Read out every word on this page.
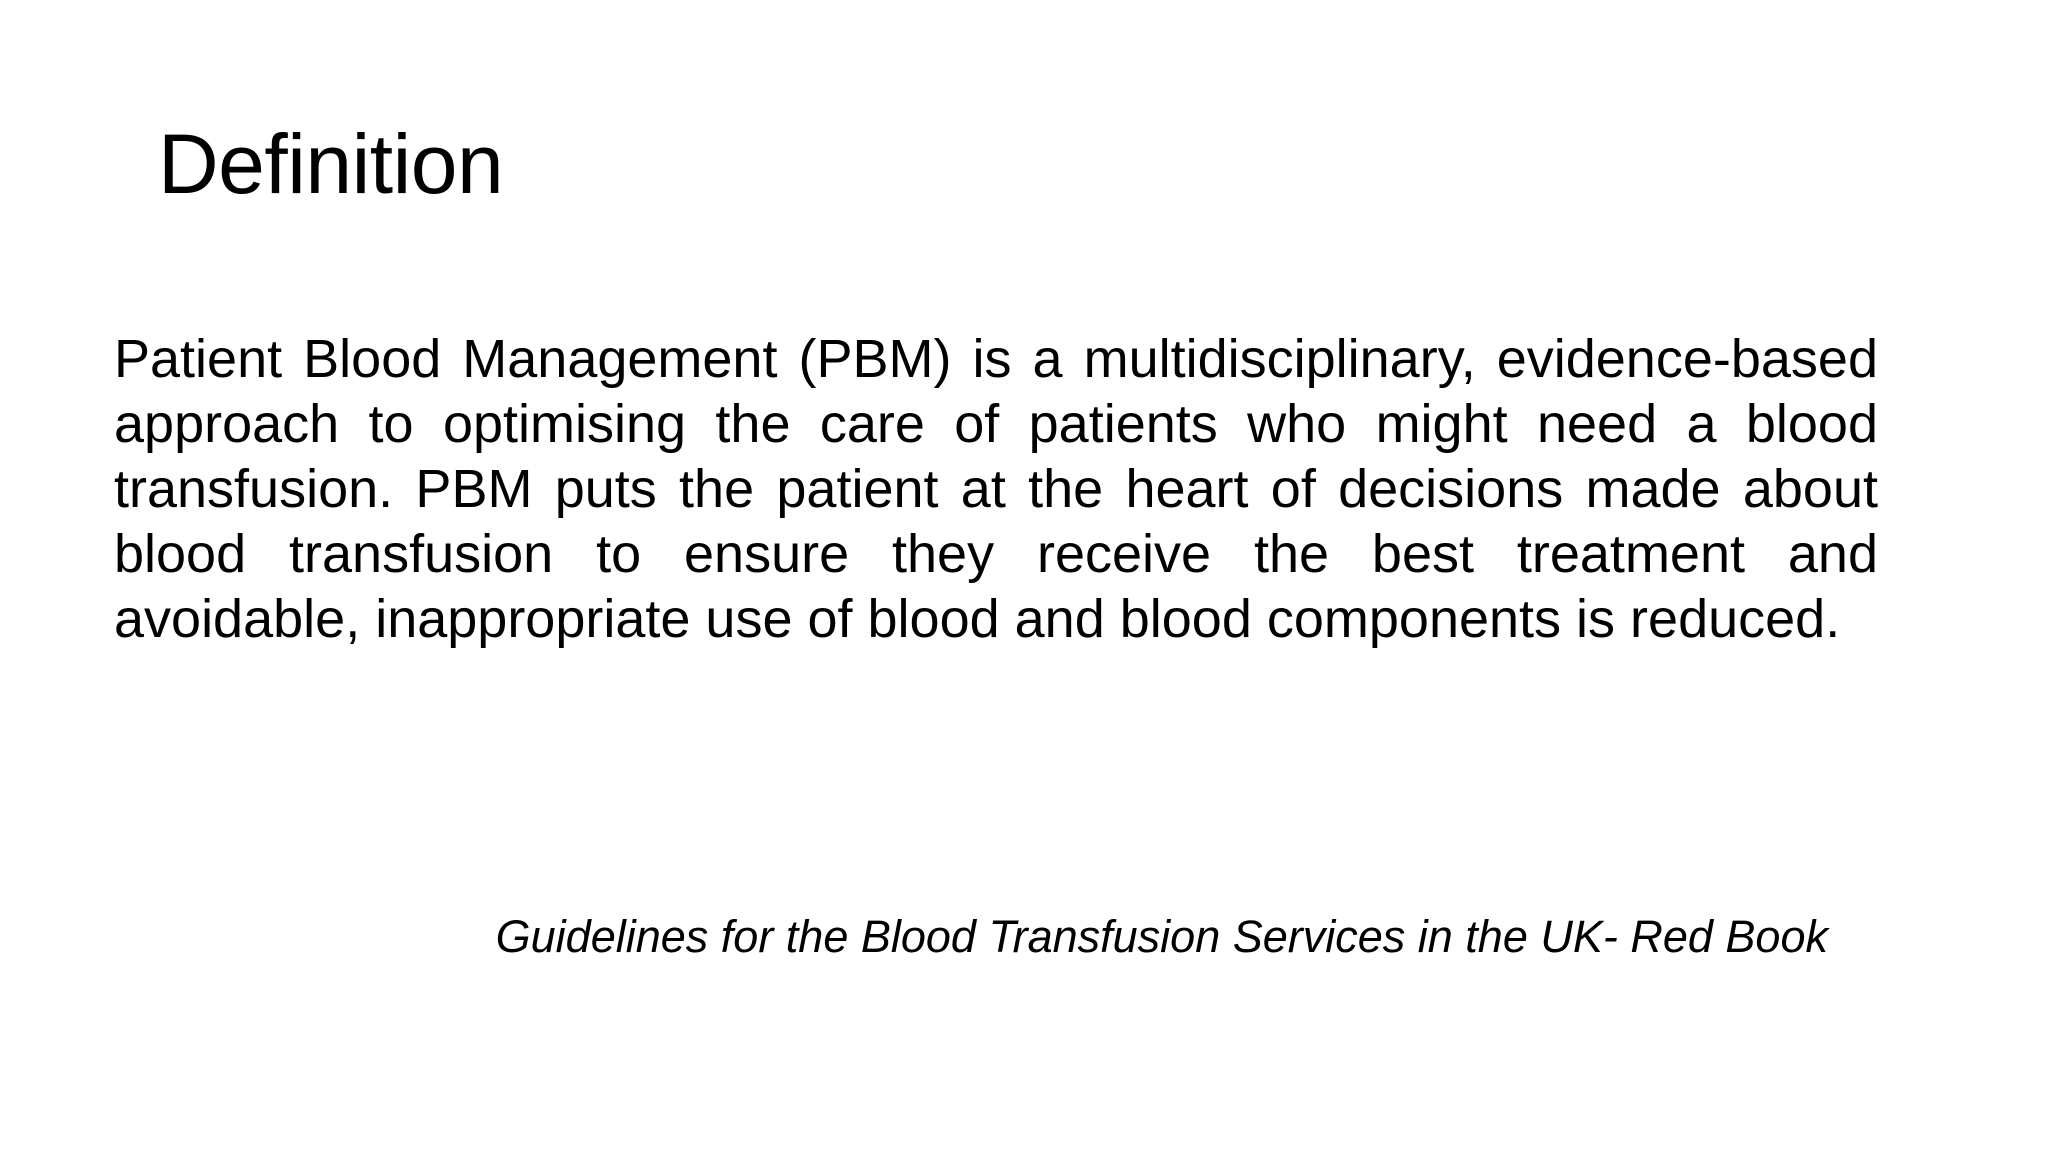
Definition

Patient Blood Management (PBM) is a multidisciplinary, evidence-based approach to optimising the care of patients who might need a blood transfusion. PBM puts the patient at the heart of decisions made about blood transfusion to ensure they receive the best treatment and avoidable, inappropriate use of blood and blood components is reduced.

Guidelines for the Blood Transfusion Services in the UK- Red Book
